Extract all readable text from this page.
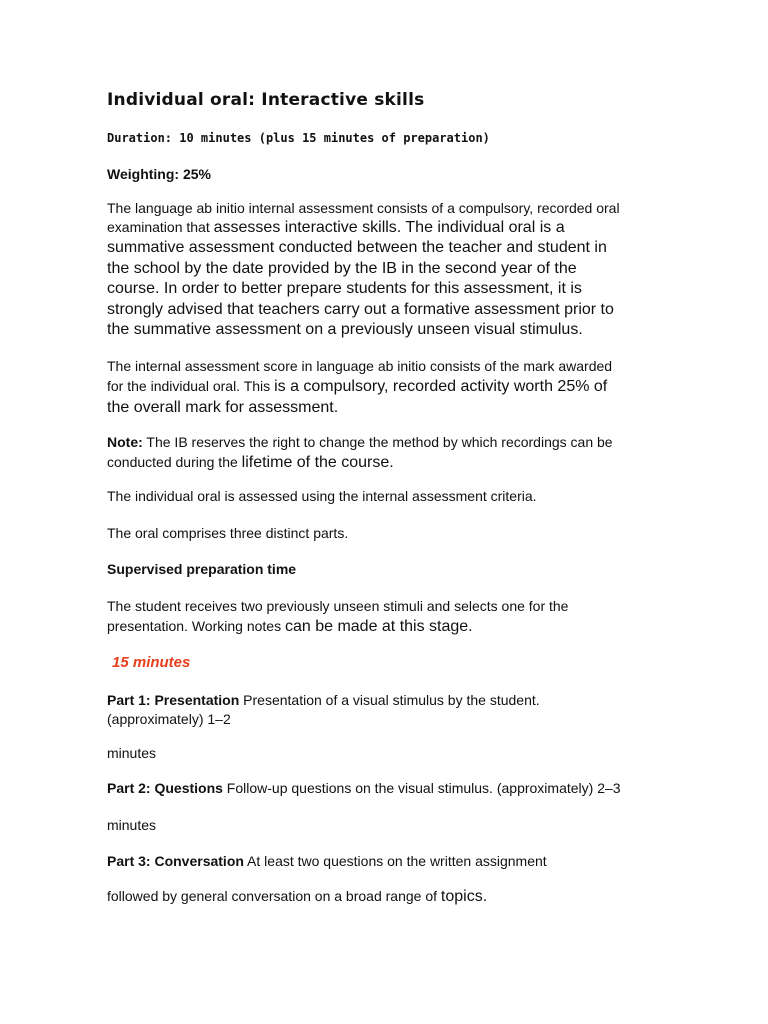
Individual oral: Interactive skills
Duration: 10 minutes (plus 15 minutes of preparation)
Weighting: 25%
The language ab initio internal assessment consists of a compulsory, recorded oral
examination that assesses interactive skills. The individual oral is a
summative assessment conducted between the teacher and student in
the school by the date provided by the IB in the second year of the
course. In order to better prepare students for this assessment, it is
strongly advised that teachers carry out a formative assessment prior to
the summative assessment on a previously unseen visual stimulus.
The internal assessment score in language ab initio consists of the mark awarded
for the individual oral. This is a compulsory, recorded activity worth 25% of
the overall mark for assessment.
Note: The IB reserves the right to change the method by which recordings can be
conducted during the lifetime of the course.
The individual oral is assessed using the internal assessment criteria.
The oral comprises three distinct parts.
Supervised preparation time
The student receives two previously unseen stimuli and selects one for the
presentation. Working notes can be made at this stage.
15 minutes
Part 1: Presentation Presentation of a visual stimulus by the student.
(approximately) 1–2
minutes
Part 2: Questions Follow-up questions on the visual stimulus. (approximately) 2–3
minutes
Part 3: Conversation At least two questions on the written assignment
followed by general conversation on a broad range of topics.
